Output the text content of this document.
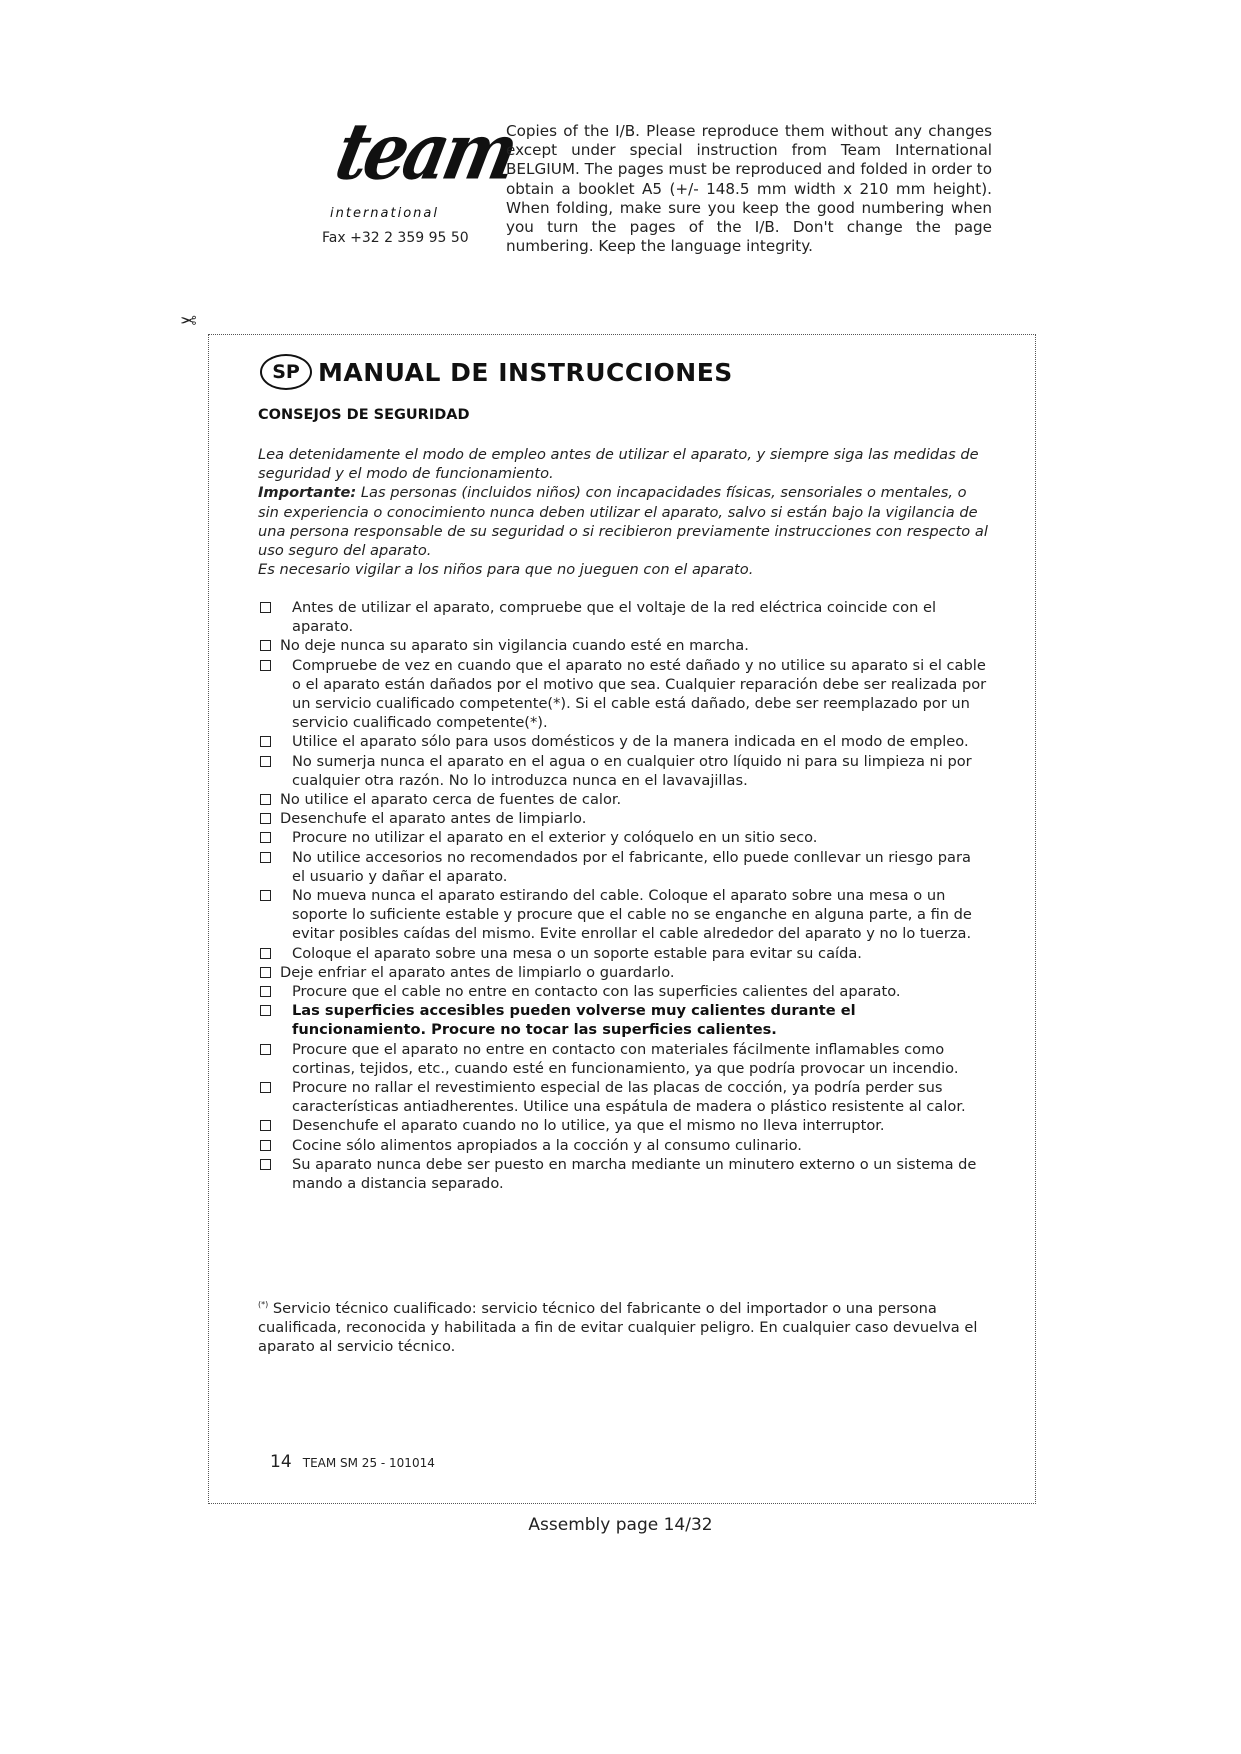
team
international
Fax +32 2 359 95 50
Copies of the I/B. Please reproduce them without any changes except under special instruction from Team International BELGIUM. The pages must be reproduced and folded in order to obtain a booklet A5 (+/- 148.5 mm width x 210 mm height). When folding, make sure you keep the good numbering when you turn the pages of the I/B. Don't change the page numbering. Keep the language integrity.
✂
SP MANUAL DE INSTRUCCIONES
CONSEJOS DE SEGURIDAD

Lea detenidamente el modo de empleo antes de utilizar el aparato, y siempre siga las medidas de seguridad y el modo de funcionamiento.

Importante: Las personas (incluidos niños) con incapacidades físicas, sensoriales o mentales, o sin experiencia o conocimiento nunca deben utilizar el aparato, salvo si están bajo la vigilancia de una persona responsable de su seguridad o si recibieron previamente instrucciones con respecto al uso seguro del aparato.

Es necesario vigilar a los niños para que no jueguen con el aparato.

Antes de utilizar el aparato, compruebe que el voltaje de la red eléctrica coincide con el aparato.
No deje nunca su aparato sin vigilancia cuando esté en marcha.
Compruebe de vez en cuando que el aparato no esté dañado y no utilice su aparato si el cable o el aparato están dañados por el motivo que sea. Cualquier reparación debe ser realizada por un servicio cualificado competente(*). Si el cable está dañado, debe ser reemplazado por un servicio cualificado competente(*).
Utilice el aparato sólo para usos domésticos y de la manera indicada en el modo de empleo.
No sumerja nunca el aparato en el agua o en cualquier otro líquido ni para su limpieza ni por cualquier otra razón. No lo introduzca nunca en el lavavajillas.
No utilice el aparato cerca de fuentes de calor.
Desenchufe el aparato antes de limpiarlo.
Procure no utilizar el aparato en el exterior y colóquelo en un sitio seco.
No utilice accesorios no recomendados por el fabricante, ello puede conllevar un riesgo para el usuario y dañar el aparato.
No mueva nunca el aparato estirando del cable. Coloque el aparato sobre una mesa o un soporte lo suficiente estable y procure que el cable no se enganche en alguna parte, a fin de evitar posibles caídas del mismo. Evite enrollar el cable alrededor del aparato y no lo tuerza.
Coloque el aparato sobre una mesa o un soporte estable para evitar su caída.
Deje enfriar el aparato antes de limpiarlo o guardarlo.
Procure que el cable no entre en contacto con las superficies calientes del aparato.
Las superficies accesibles pueden volverse muy calientes durante el funcionamiento. Procure no tocar las superficies calientes.
Procure que el aparato no entre en contacto con materiales fácilmente inflamables como cortinas, tejidos, etc., cuando esté en funcionamiento, ya que podría provocar un incendio.
Procure no rallar el revestimiento especial de las placas de cocción, ya podría perder sus características antiadherentes. Utilice una espátula de madera o plástico resistente al calor.
Desenchufe el aparato cuando no lo utilice, ya que el mismo no lleva interruptor.
Cocine sólo alimentos apropiados a la cocción y al consumo culinario.
Su aparato nunca debe ser puesto en marcha mediante un minutero externo o un sistema de mando a distancia separado.
(*) Servicio técnico cualificado: servicio técnico del fabricante o del importador o una persona cualificada, reconocida y habilitada a fin de evitar cualquier peligro. En cualquier caso devuelva el aparato al servicio técnico.
14 TEAM SM 25 - 101014
Assembly page 14/32
